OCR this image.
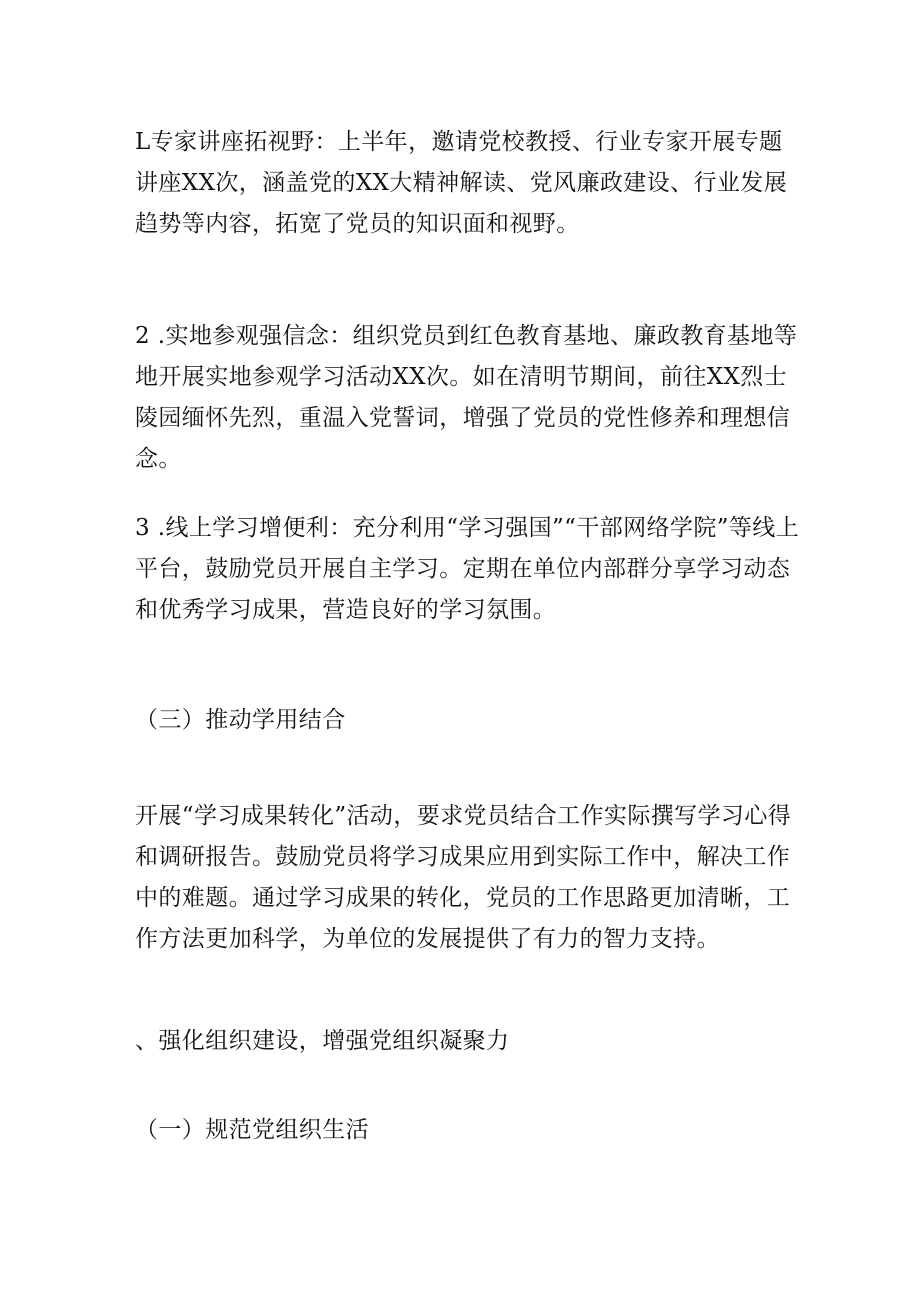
L专家讲座拓视野：上半年，邀请党校教授、行业专家开展专题讲座XX次，涵盖党的XX大精神解读、党风廉政建设、行业发展趋势等内容，拓宽了党员的知识面和视野。

2 .实地参观强信念：组织党员到红色教育基地、廉政教育基地等地开展实地参观学习活动XX次。如在清明节期间，前往XX烈士陵园缅怀先烈，重温入党誓词，增强了党员的党性修养和理想信念。

3 .线上学习增便利：充分利用“学习强国”“干部网络学院”等线上平台，鼓励党员开展自主学习。定期在单位内部群分享学习动态和优秀学习成果，营造良好的学习氛围。

（三）推动学用结合

开展“学习成果转化”活动，要求党员结合工作实际撰写学习心得和调研报告。鼓励党员将学习成果应用到实际工作中，解决工作中的难题。通过学习成果的转化，党员的工作思路更加清晰，工作方法更加科学，为单位的发展提供了有力的智力支持。

、强化组织建设，增强党组织凝聚力

（一）规范党组织生活
